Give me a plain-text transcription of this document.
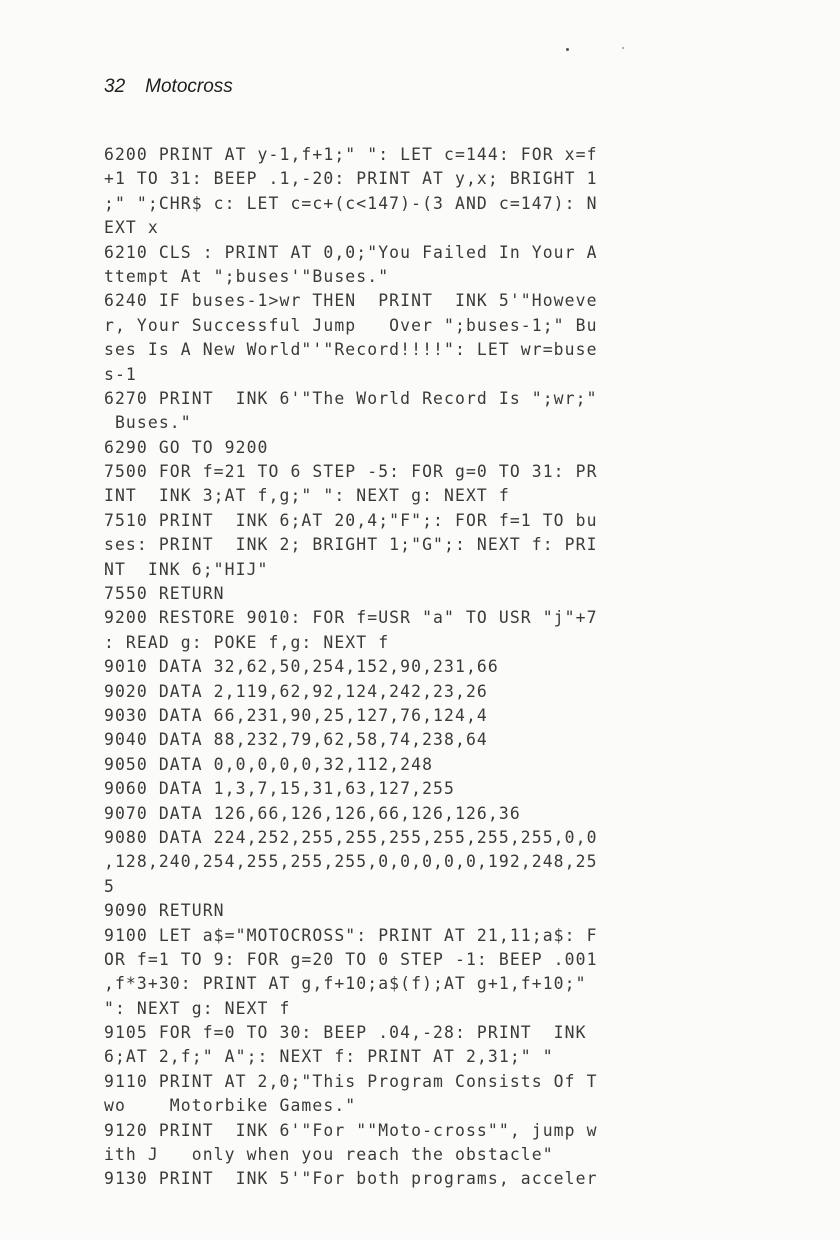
32 Motocross
6200 PRINT AT y-1,f+1;" ": LET c=144: FOR x=f
+1 TO 31: BEEP .1,-20: PRINT AT y,x; BRIGHT 1
;" ";CHR$ c: LET c=c+(c<147)-(3 AND c=147): N
EXT x
6210 CLS : PRINT AT 0,0;"You Failed In Your A
ttempt At ";buses'"Buses."
6240 IF buses-1>wr THEN  PRINT  INK 5'"Howeve
r, Your Successful Jump   Over ";buses-1;" Bu
ses Is A New World"'"Record!!!!": LET wr=buse
s-1
6270 PRINT  INK 6'"The World Record Is ";wr;"
Buses."
6290 GO TO 9200
7500 FOR f=21 TO 6 STEP -5: FOR g=0 TO 31: PR
INT  INK 3;AT f,g;" ": NEXT g: NEXT f
7510 PRINT  INK 6;AT 20,4;"F";: FOR f=1 TO bu
ses: PRINT  INK 2; BRIGHT 1;"G";: NEXT f: PRI
NT  INK 6;"HIJ"
7550 RETURN
9200 RESTORE 9010: FOR f=USR "a" TO USR "j"+7
: READ g: POKE f,g: NEXT f
9010 DATA 32,62,50,254,152,90,231,66
9020 DATA 2,119,62,92,124,242,23,26
9030 DATA 66,231,90,25,127,76,124,4
9040 DATA 88,232,79,62,58,74,238,64
9050 DATA 0,0,0,0,0,32,112,248
9060 DATA 1,3,7,15,31,63,127,255
9070 DATA 126,66,126,126,66,126,126,36
9080 DATA 224,252,255,255,255,255,255,255,0,0
,128,240,254,255,255,255,0,0,0,0,0,192,248,25
5
9090 RETURN
9100 LET a$="MOTOCROSS": PRINT AT 21,11;a$: F
OR f=1 TO 9: FOR g=20 TO 0 STEP -1: BEEP .001
,f*3+30: PRINT AT g,f+10;a$(f);AT g+1,f+10;"
": NEXT g: NEXT f
9105 FOR f=0 TO 30: BEEP .04,-28: PRINT  INK
6;AT 2,f;" A";: NEXT f: PRINT AT 2,31;" "
9110 PRINT AT 2,0;"This Program Consists Of T
wo    Motorbike Games."
9120 PRINT  INK 6'"For ""Moto-cross"", jump w
ith J   only when you reach the obstacle"
9130 PRINT  INK 5'"For both programs, acceler
